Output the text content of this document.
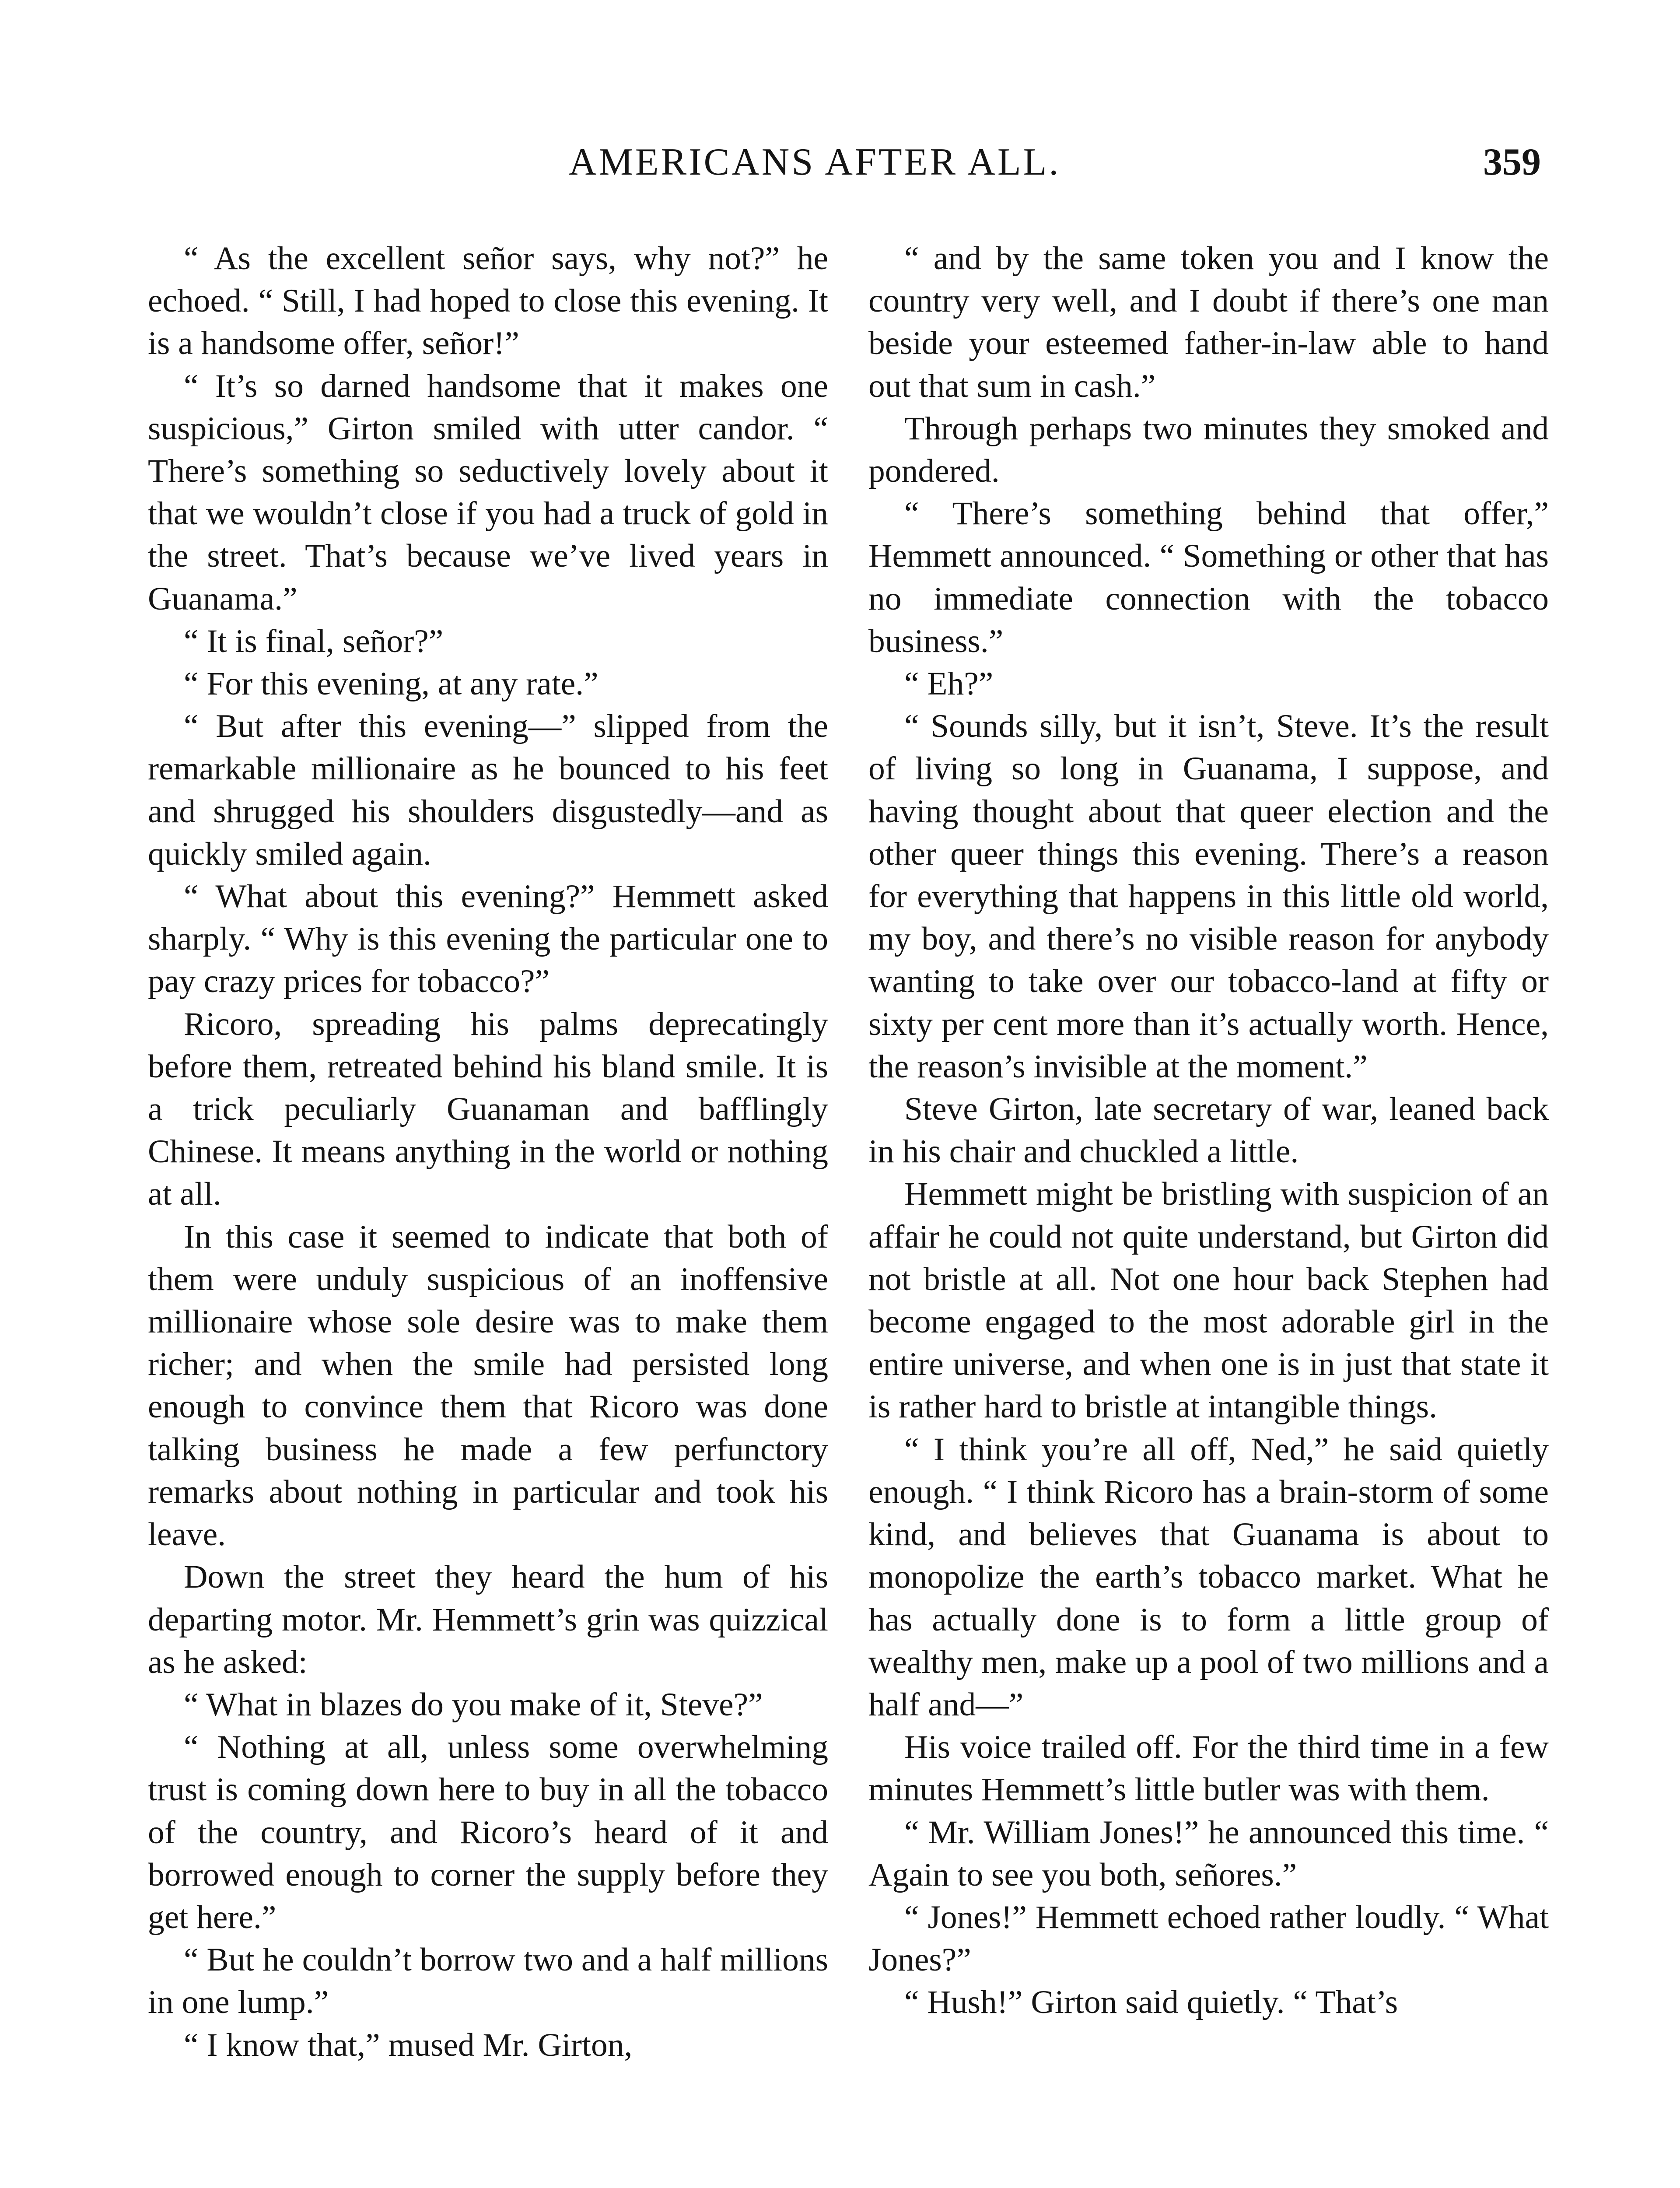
AMERICANS AFTER ALL.	359

“ As the excellent señor says, why not?” he echoed. “ Still, I had hoped to close this evening. It is a handsome offer, señor!”

“ It’s so darned handsome that it makes one suspicious,” Girton smiled with utter candor. “ There’s something so seductively lovely about it that we wouldn’t close if you had a truck of gold in the street. That’s because we’ve lived years in Guanama.”

“ It is final, señor?”

“ For this evening, at any rate.”

“ But after this evening—” slipped from the remarkable millionaire as he bounced to his feet and shrugged his shoulders disgustedly—and as quickly smiled again.

“ What about this evening?” Hemmett asked sharply. “ Why is this evening the particular one to pay crazy prices for tobacco?”

Ricoro, spreading his palms deprecatingly before them, retreated behind his bland smile. It is a trick peculiarly Guanaman and bafflingly Chinese. It means anything in the world or nothing at all.

In this case it seemed to indicate that both of them were unduly suspicious of an inoffensive millionaire whose sole desire was to make them richer; and when the smile had persisted long enough to convince them that Ricoro was done talking business he made a few perfunctory remarks about nothing in particular and took his leave.

Down the street they heard the hum of his departing motor. Mr. Hemmett’s grin was quizzical as he asked:

“ What in blazes do you make of it, Steve?”

“ Nothing at all, unless some overwhelming trust is coming down here to buy in all the tobacco of the country, and Ricoro’s heard of it and borrowed enough to corner the supply before they get here.”

“ But he couldn’t borrow two and a half millions in one lump.”

“ I know that,” mused Mr. Girton,

“ and by the same token you and I know the country very well, and I doubt if there’s one man beside your esteemed father-in-law able to hand out that sum in cash.”

Through perhaps two minutes they smoked and pondered.

“ There’s something behind that offer,” Hemmett announced. “ Something or other that has no immediate connection with the tobacco business.”

“ Eh?”

“ Sounds silly, but it isn’t, Steve. It’s the result of living so long in Guanama, I suppose, and having thought about that queer election and the other queer things this evening. There’s a reason for everything that happens in this little old world, my boy, and there’s no visible reason for anybody wanting to take over our tobacco-land at fifty or sixty per cent more than it’s actually worth. Hence, the reason’s invisible at the moment.”

Steve Girton, late secretary of war, leaned back in his chair and chuckled a little.

Hemmett might be bristling with suspicion of an affair he could not quite understand, but Girton did not bristle at all. Not one hour back Stephen had become engaged to the most adorable girl in the entire universe, and when one is in just that state it is rather hard to bristle at intangible things.

“ I think you’re all off, Ned,” he said quietly enough. “ I think Ricoro has a brain-storm of some kind, and believes that Guanama is about to monopolize the earth’s tobacco market. What he has actually done is to form a little group of wealthy men, make up a pool of two millions and a half and—”

His voice trailed off. For the third time in a few minutes Hemmett’s little butler was with them.

“ Mr. William Jones!” he announced this time. “ Again to see you both, señores.”

“ Jones!” Hemmett echoed rather loudly. “ What Jones?”

“ Hush!” Girton said quietly. “ That’s
